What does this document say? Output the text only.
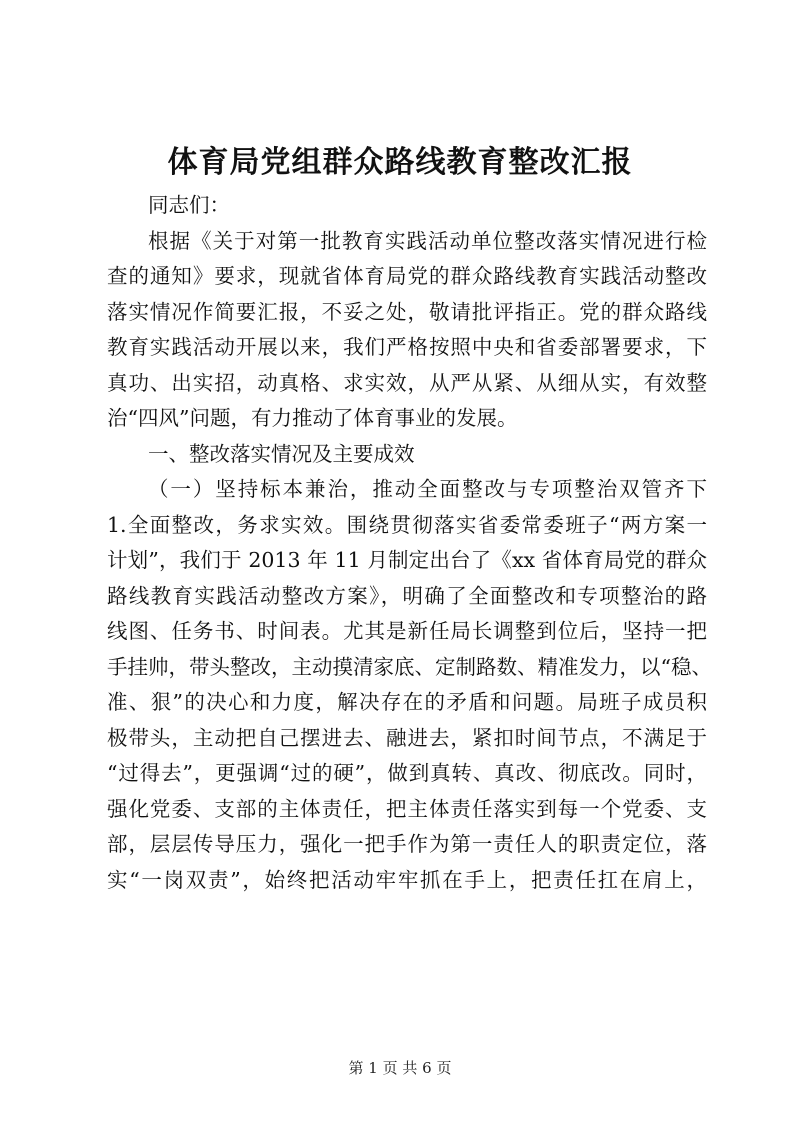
体育局党组群众路线教育整改汇报
同志们：
根据《关于对第一批教育实践活动单位整改落实情况进行检
查的通知》要求，现就省体育局党的群众路线教育实践活动整改
落实情况作简要汇报，不妥之处，敬请批评指正。党的群众路线
教育实践活动开展以来，我们严格按照中央和省委部署要求，下
真功、出实招，动真格、求实效，从严从紧、从细从实，有效整
治“四风”问题，有力推动了体育事业的发展。
一、整改落实情况及主要成效
（一）坚持标本兼治，推动全面整改与专项整治双管齐下
1.全面整改，务求实效。围绕贯彻落实省委常委班子“两方案一
计划”，我们于 2013 年 11 月制定出台了《xx 省体育局党的群众
路线教育实践活动整改方案》，明确了全面整改和专项整治的路
线图、任务书、时间表。尤其是新任局长调整到位后，坚持一把
手挂帅，带头整改，主动摸清家底、定制路数、精准发力，以“稳、
准、狠”的决心和力度，解决存在的矛盾和问题。局班子成员积
极带头，主动把自己摆进去、融进去，紧扣时间节点，不满足于
“过得去”，更强调“过的硬”，做到真转、真改、彻底改。同时，
强化党委、支部的主体责任，把主体责任落实到每一个党委、支
部，层层传导压力，强化一把手作为第一责任人的职责定位，落
实“一岗双责”，始终把活动牢牢抓在手上，把责任扛在肩上，
第 1 页 共 6 页
